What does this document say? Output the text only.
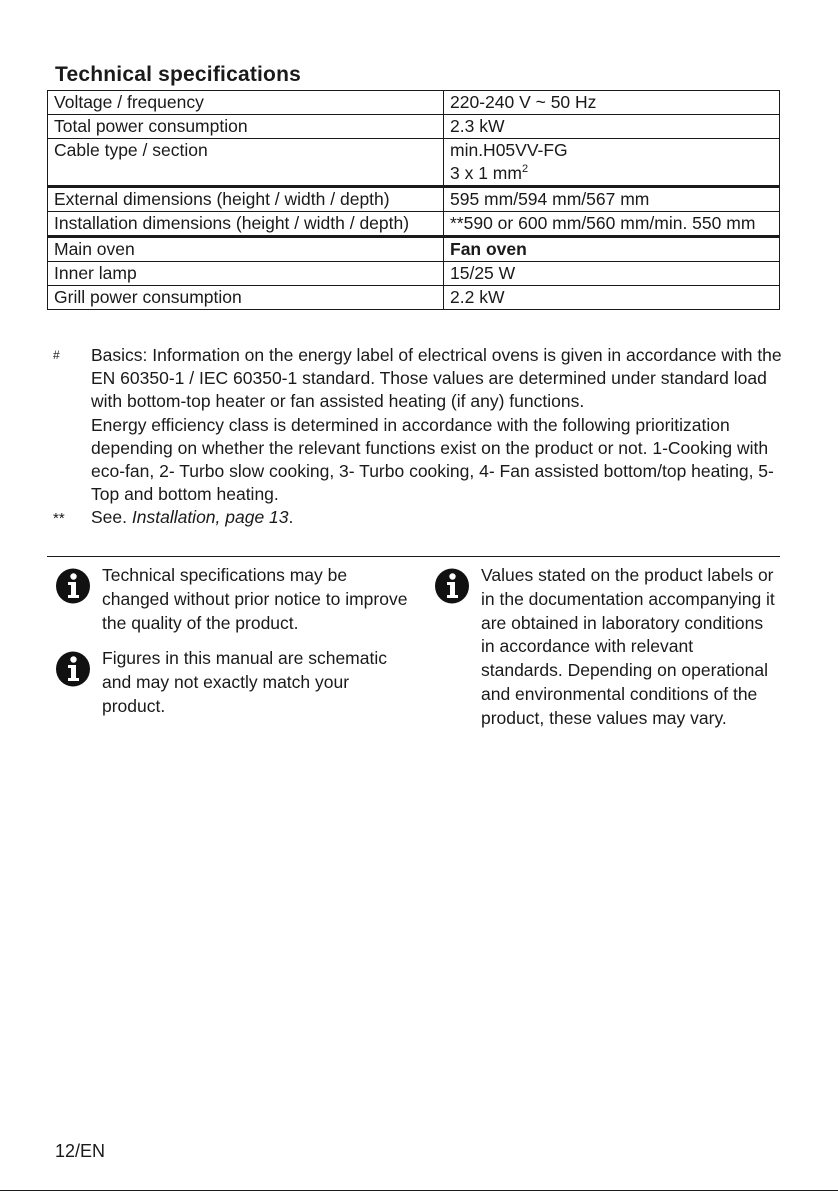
Technical specifications
Voltage / frequency	220-240 V ~ 50 Hz
Total power consumption	2.3 kW
Cable type / section	min.H05VV-FG
3 x 1 $mm^2$

External dimensions (height / width / depth)	595 mm/594 mm/567 mm
Installation dimensions (height / width / depth)	**590 or 600 mm/560 mm/min. 550 mm
Main oven	Fan oven
Inner lamp	15/25 W
Grill power consumption	2.2 kW
# Basics: Information on the energy label of electrical ovens is given in accordance with the EN 60350-1 / IEC 60350-1 standard. Those values are determined under standard load with bottom-top heater or fan assisted heating (if any) functions.

Energy efficiency class is determined in accordance with the following prioritization depending on whether the relevant functions exist on the product or not. 1-Cooking with eco-fan, 2- Turbo slow cooking, 3- Turbo cooking, 4- Fan assisted bottom/top heating, 5-Top and bottom heating.

** See. Installation, page 13.

Technical specifications may be changed without prior notice to improve the quality of the product.
Figures in this manual are schematic and may not exactly match your product.
Values stated on the product labels or in the documentation accompanying it are obtained in laboratory conditions in accordance with relevant standards. Depending on operational and environmental conditions of the product, these values may vary.
12/EN
